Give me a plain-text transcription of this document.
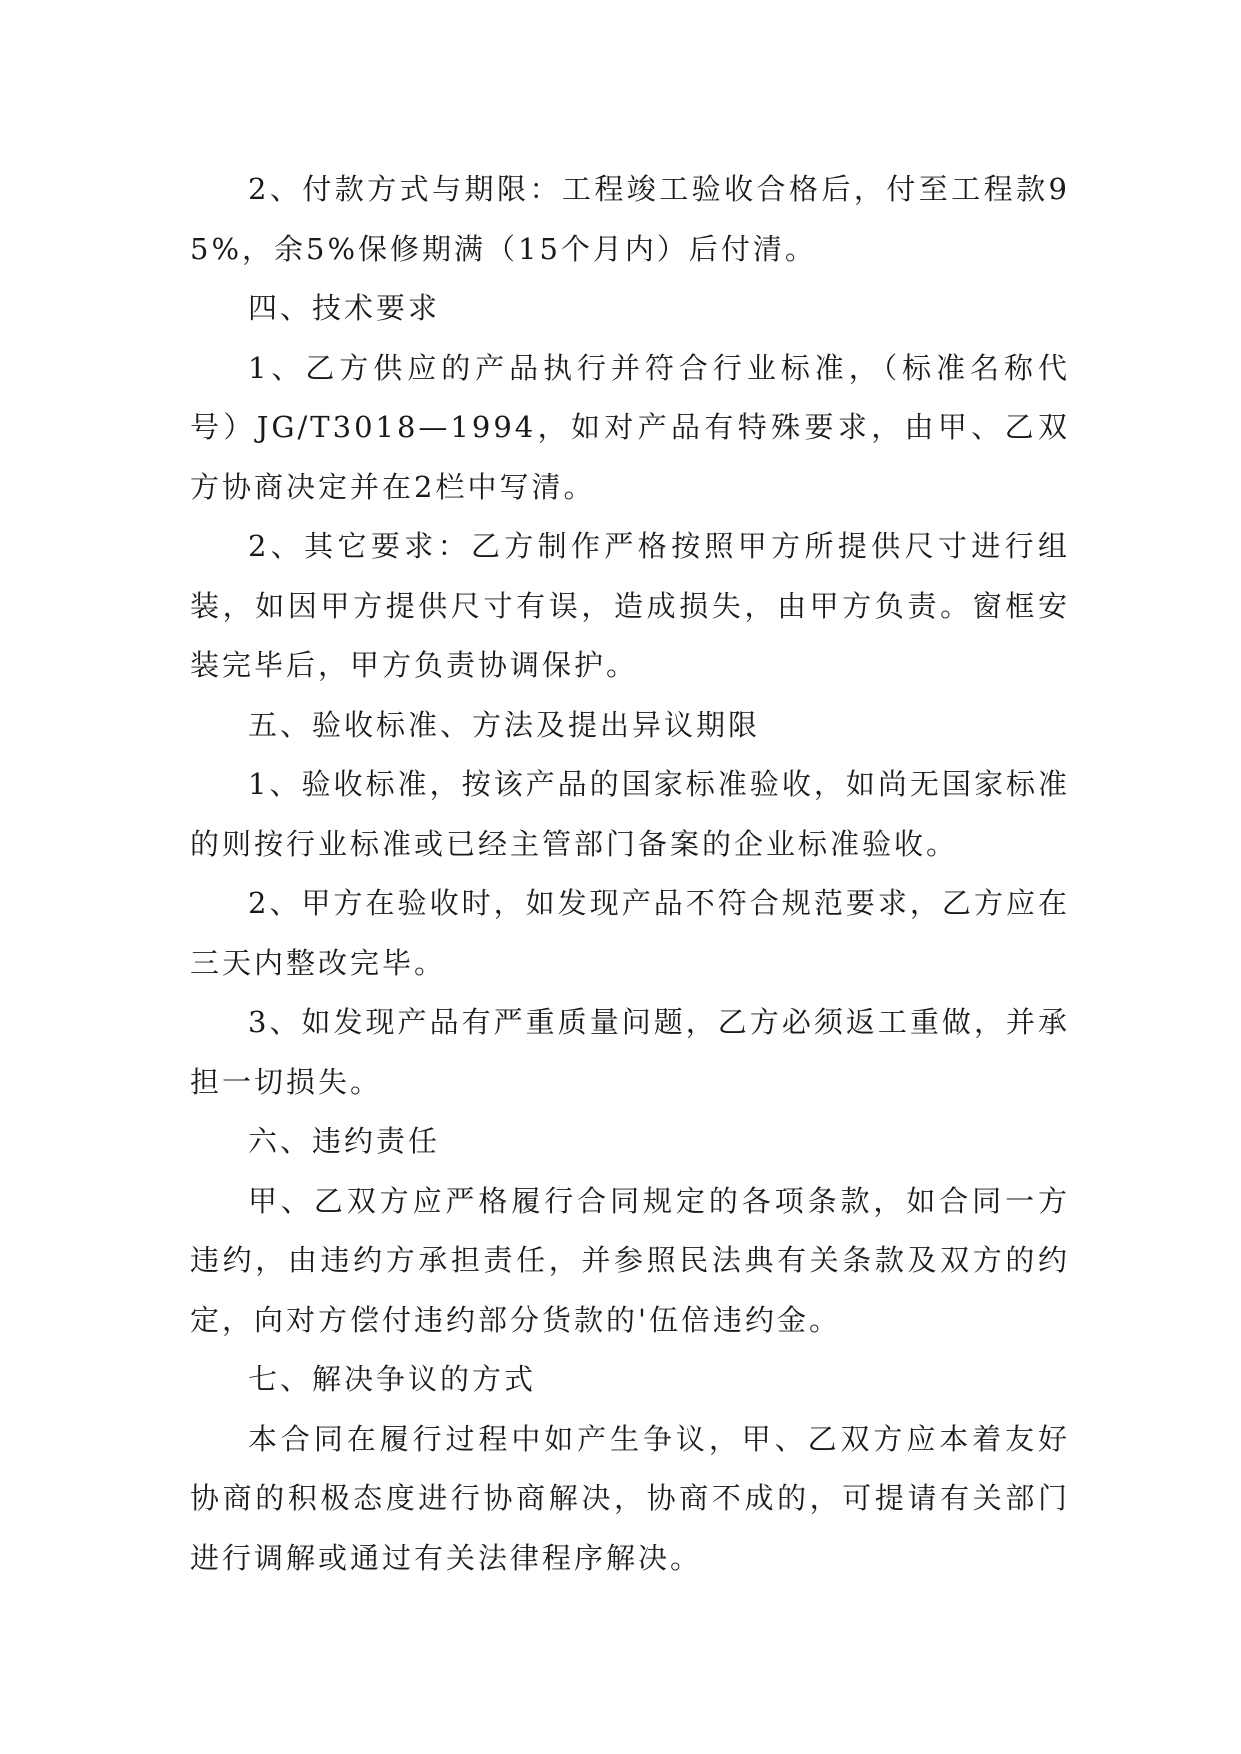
2、付款方式与期限：工程竣工验收合格后，付至工程款95%，余5%保修期满（15个月内）后付清。

四、技术要求

1、乙方供应的产品执行并符合行业标准，（标准名称代号）JG/T3018—1994，如对产品有特殊要求，由甲、乙双方协商决定并在2栏中写清。

2、其它要求：乙方制作严格按照甲方所提供尺寸进行组装，如因甲方提供尺寸有误，造成损失，由甲方负责。窗框安装完毕后，甲方负责协调保护。

五、验收标准、方法及提出异议期限

1、验收标准，按该产品的国家标准验收，如尚无国家标准的则按行业标准或已经主管部门备案的企业标准验收。

2、甲方在验收时，如发现产品不符合规范要求，乙方应在三天内整改完毕。

3、如发现产品有严重质量问题，乙方必须返工重做，并承担一切损失。

六、违约责任

甲、乙双方应严格履行合同规定的各项条款，如合同一方违约，由违约方承担责任，并参照民法典有关条款及双方的约定，向对方偿付违约部分货款的'伍倍违约金。

七、解决争议的方式

本合同在履行过程中如产生争议，甲、乙双方应本着友好协商的积极态度进行协商解决，协商不成的，可提请有关部门进行调解或通过有关法律程序解决。
